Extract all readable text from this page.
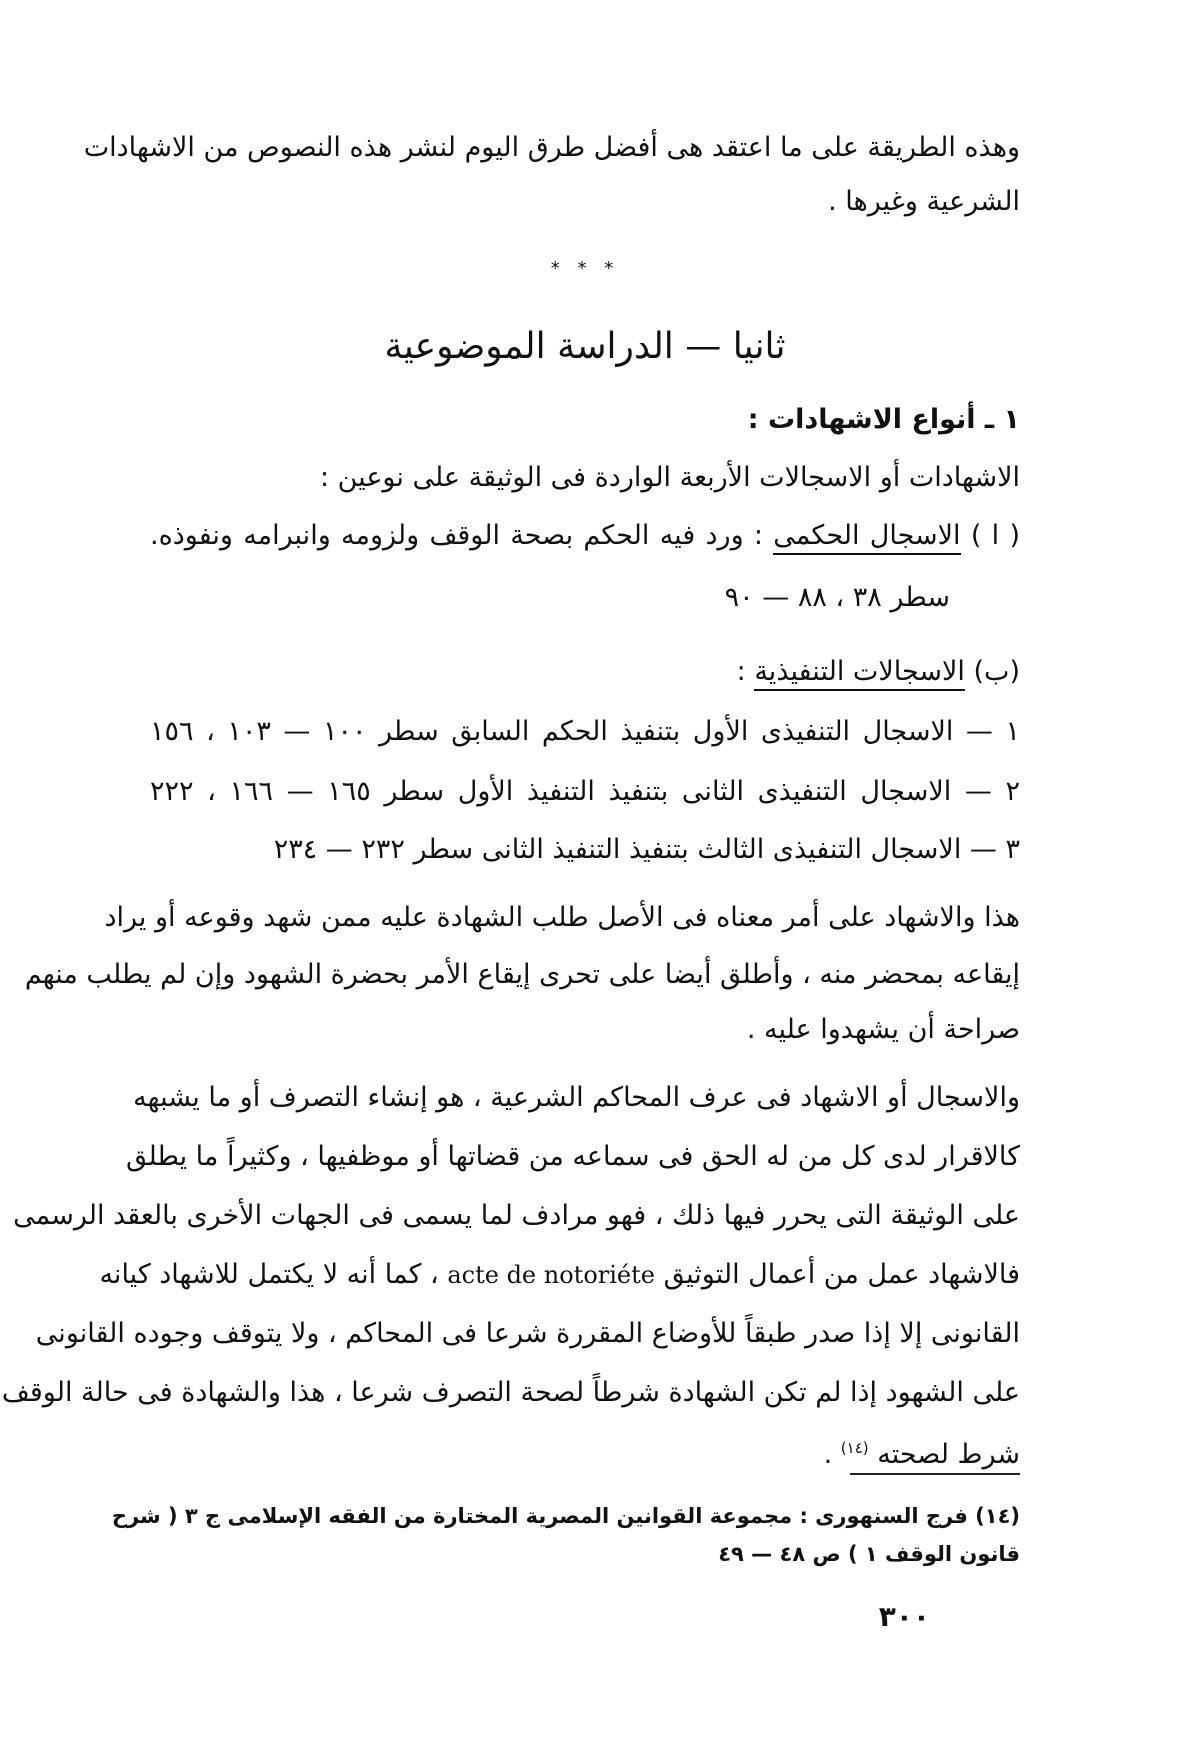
وهذه الطريقة على ما اعتقد هى أفضل طرق اليوم لنشر هذه النصوص من الاشهادات
الشرعية وغيرها .
* * *
ثانيا — الدراسة الموضوعية
١ ـ أنواع الاشهادات :
الاشهادات أو الاسجالات الأربعة الواردة فى الوثيقة على نوعين :
( ا ) الاسجال الحكمى : ورد فيه الحكم بصحة الوقف ولزومه وانبرامه ونفوذه.
سطر ٣٨ ، ٨٨ — ٩٠
(ب) الاسجالات التنفيذية :
١ — الاسجال التنفيذى الأول بتنفيذ الحكم السابق سطر ١٠٠ — ١٠٣ ، ١٥٦
٢ — الاسجال التنفيذى الثانى بتنفيذ التنفيذ الأول سطر ١٦٥ — ١٦٦ ، ٢٢٢
٣ — الاسجال التنفيذى الثالث بتنفيذ التنفيذ الثانى سطر ٢٣٢ — ٢٣٤
هذا والاشهاد على أمر معناه فى الأصل طلب الشهادة عليه ممن شهد وقوعه أو يراد
إيقاعه بمحضر منه ، وأطلق أيضا على تحرى إيقاع الأمر بحضرة الشهود وإن لم يطلب منهم
صراحة أن يشهدوا عليه .
والاسجال أو الاشهاد فى عرف المحاكم الشرعية ، هو إنشاء التصرف أو ما يشبهه
كالاقرار لدى كل من له الحق فى سماعه من قضاتها أو موظفيها ، وكثيراً ما يطلق
على الوثيقة التى يحرر فيها ذلك ، فهو مرادف لما يسمى فى الجهات الأخرى بالعقد الرسمى
فالاشهاد عمل من أعمال التوثيق acte de notoriéte ، كما أنه لا يكتمل للاشهاد كيانه
القانونى إلا إذا صدر طبقاً للأوضاع المقررة شرعا فى المحاكم ، ولا يتوقف وجوده القانونى
على الشهود إذا لم تكن الشهادة شرطاً لصحة التصرف شرعا ، هذا والشهادة فى حالة الوقف
شرط لصحته $^{(١٤)}$ .
(١٤) فرج السنهورى : مجموعة القوانين المصرية المختارة من الفقه الإسلامى ج ٣ ( شرح
قانون الوقف ١ ) ص ٤٨ — ٤٩
٣٠٠
